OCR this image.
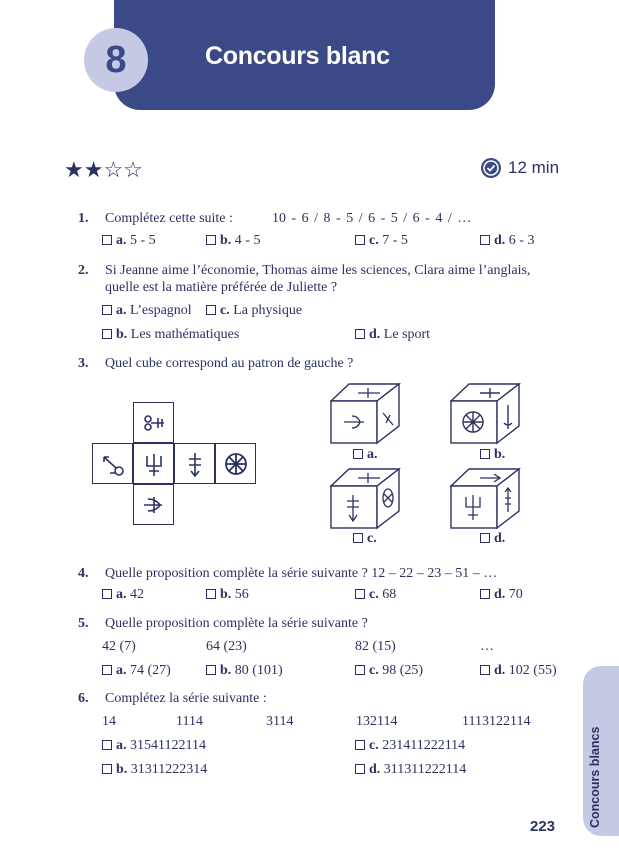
8	Concours blanc
★★☆☆	12 min
1. Complétez cette suite :	10 - 6 / 8 - 5 / 6 - 5 / 6 - 4 / …
a. 5 - 5	b. 4 - 5	c. 7 - 5	d. 6 - 3
2. Si Jeanne aime l’économie, Thomas aime les sciences, Clara aime l’anglais,
quelle est la matière préférée de Juliette ?
a. L’espagnol	c. La physique
b. Les mathématiques	d. Le sport
3. Quel cube correspond au patron de gauche ?
a.	b.
c.	d.
4. Quelle proposition complète la série suivante ? 12 – 22 – 23 – 51 – …
a. 42	b. 56	c. 68	d. 70
5. Quelle proposition complète la série suivante ?
42 (7)	64 (23)	82 (15)	…
a. 74 (27)	b. 80 (101)	c. 98 (25)	d. 102 (55)
6. Complétez la série suivante :
14	1114	3114	132114	1113122114
a. 31541122114	c. 231411222114
b. 31311222314	d. 311311222114	Concours blancs
223
